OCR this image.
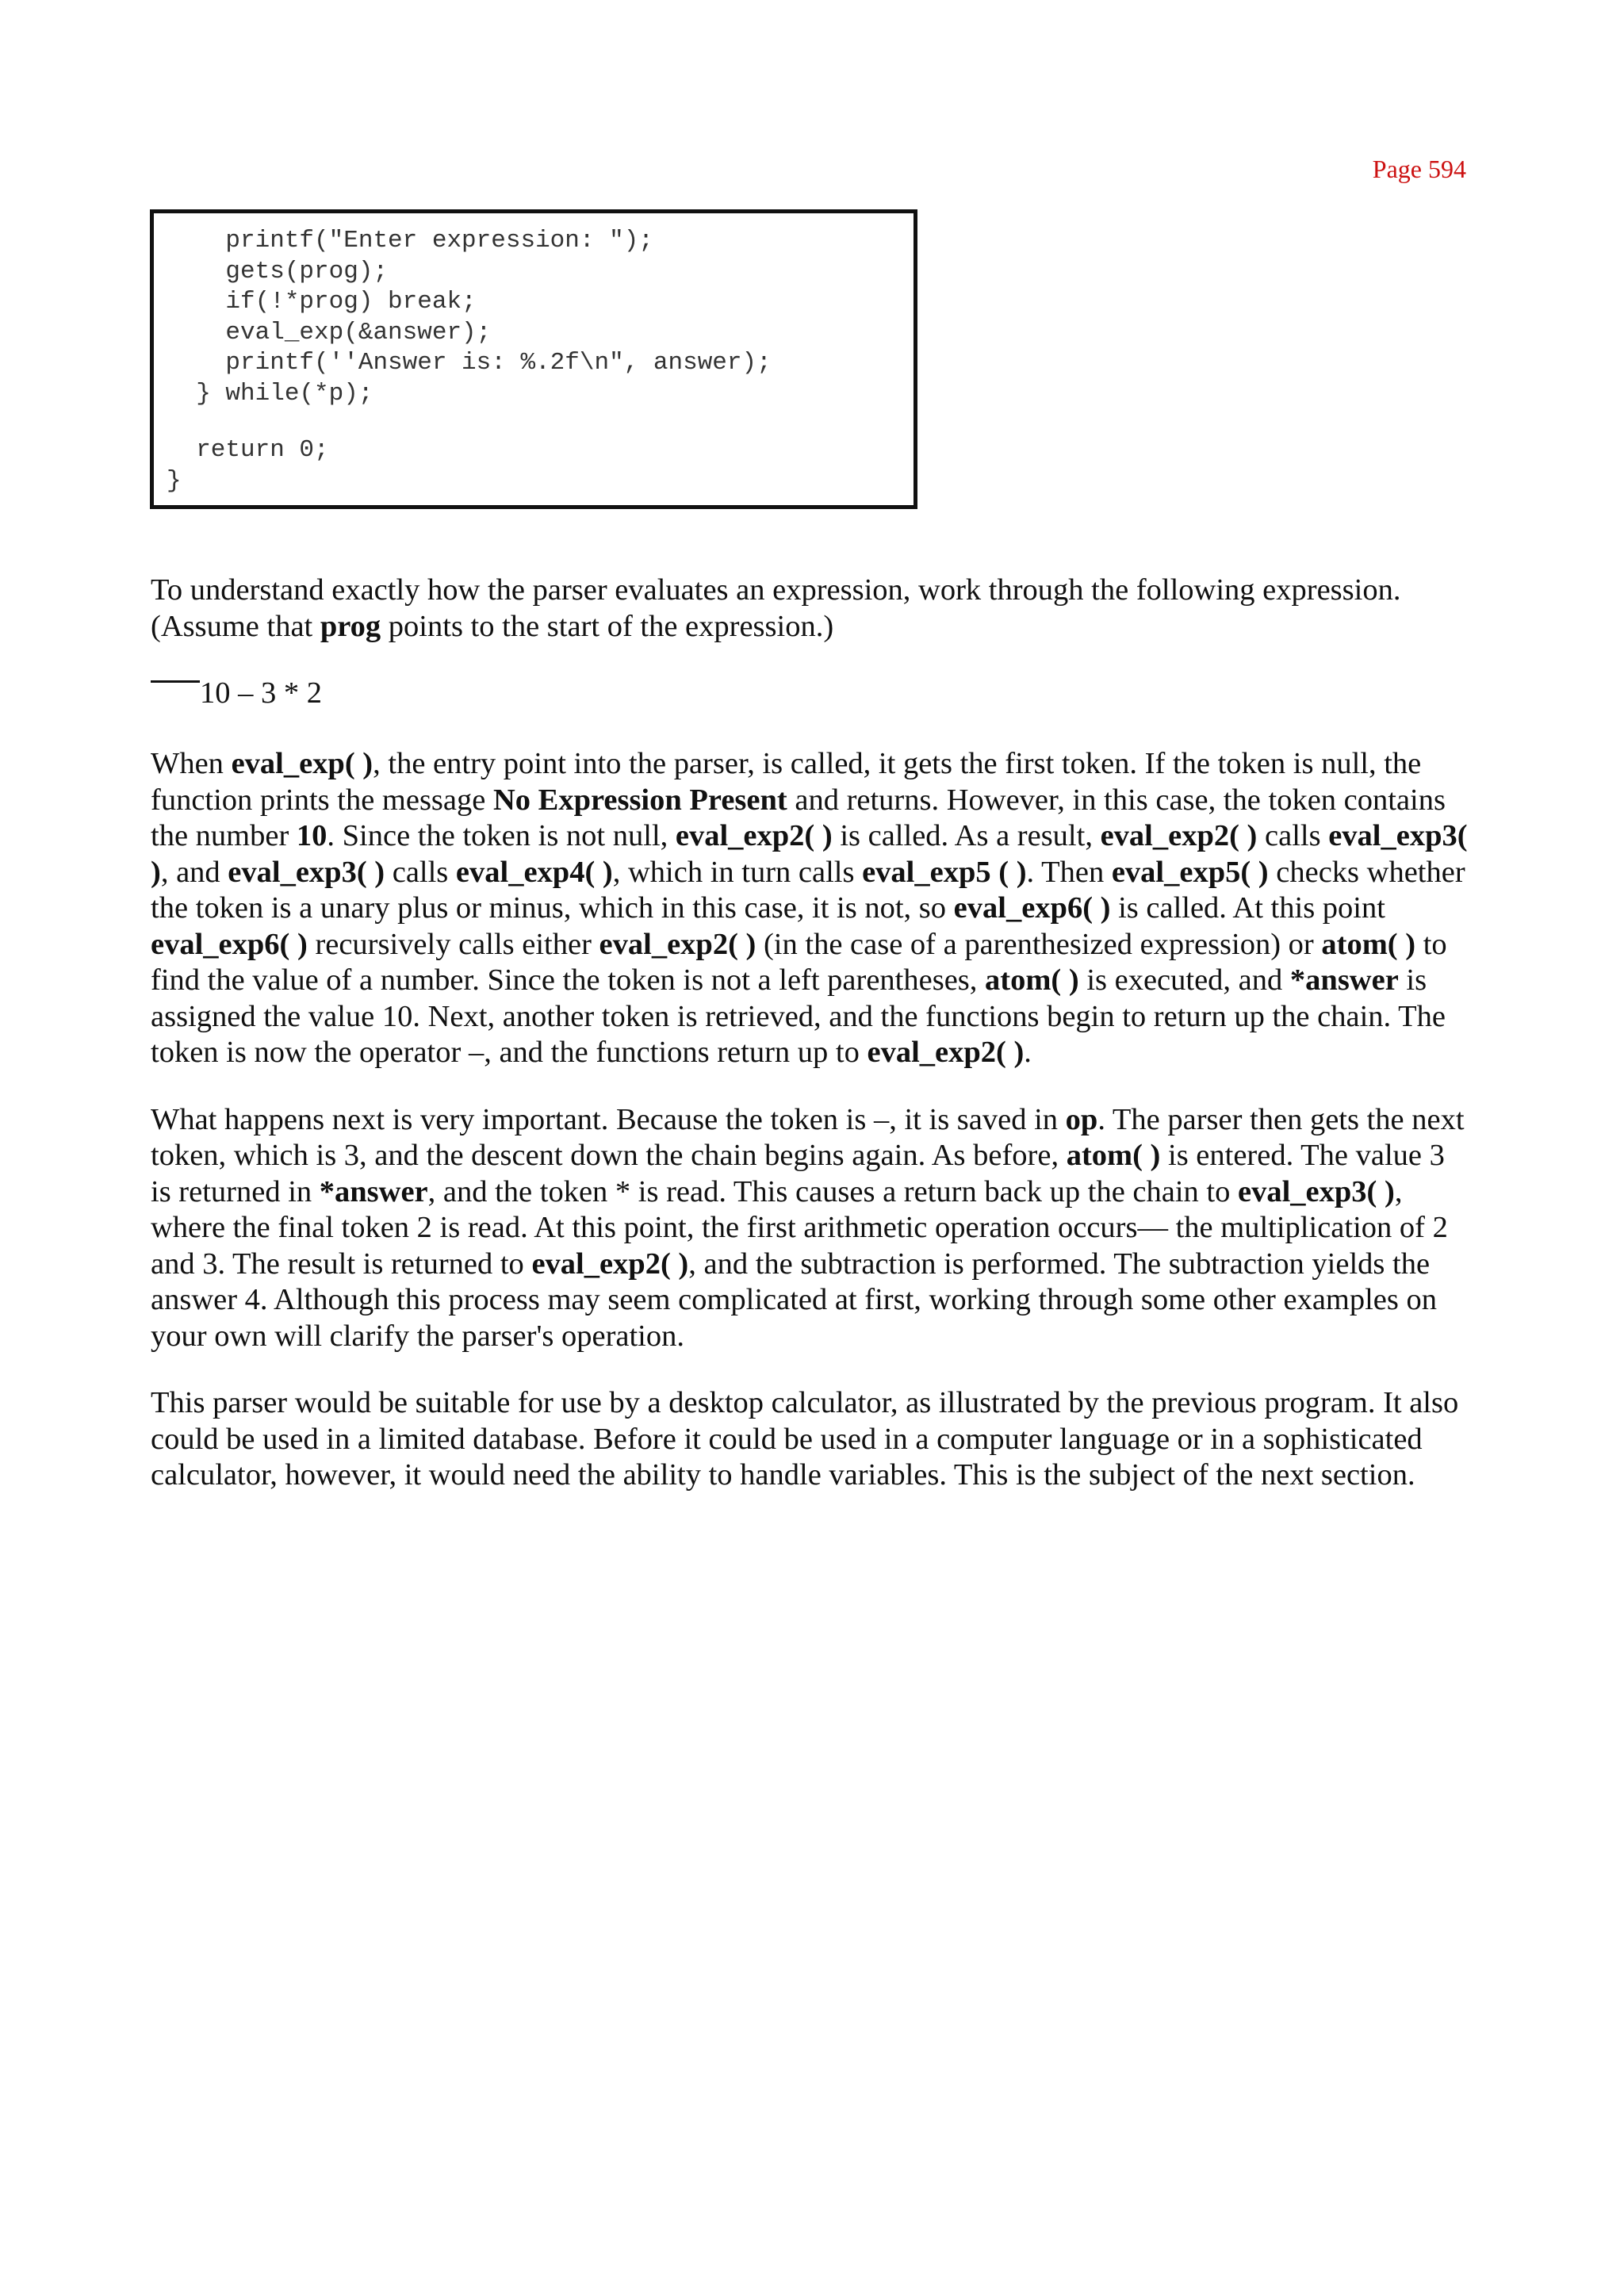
Page 594
printf("Enter expression: ");
gets(prog);
if(!*prog) break;
eval_exp(&answer);
printf(''Answer is: %.2f\n", answer);
} while(*p);
return 0;
}

To understand exactly how the parser evaluates an expression, work through the following expression. (Assume that prog points to the start of the expression.)

10 – 3 * 2

When eval_exp( ), the entry point into the parser, is called, it gets the first token. If the token is null, the function prints the message No Expression Present and returns. However, in this case, the token contains the number 10. Since the token is not null, eval_exp2( ) is called. As a result, eval_exp2( ) calls eval_exp3( ), and eval_exp3( ) calls eval_exp4( ), which in turn calls eval_exp5 ( ). Then eval_exp5( ) checks whether the token is a unary plus or minus, which in this case, it is not, so eval_exp6( ) is called. At this point eval_exp6( ) recursively calls either eval_exp2( ) (in the case of a parenthesized expression) or atom( ) to find the value of a number. Since the token is not a left parentheses, atom( ) is executed, and *answer is assigned the value 10. Next, another token is retrieved, and the functions begin to return up the chain. The token is now the operator –, and the functions return up to eval_exp2( ).

What happens next is very important. Because the token is –, it is saved in op. The parser then gets the next token, which is 3, and the descent down the chain begins again. As before, atom( ) is entered. The value 3 is returned in *answer, and the token * is read. This causes a return back up the chain to eval_exp3( ), where the final token 2 is read. At this point, the first arithmetic operation occurs— the multiplication of 2 and 3. The result is returned to eval_exp2( ), and the subtraction is performed. The subtraction yields the answer 4. Although this process may seem complicated at first, working through some other examples on your own will clarify the parser's operation.

This parser would be suitable for use by a desktop calculator, as illustrated by the previous program. It also could be used in a limited database. Before it could be used in a computer language or in a sophisticated calculator, however, it would need the ability to handle variables. This is the subject of the next section.
